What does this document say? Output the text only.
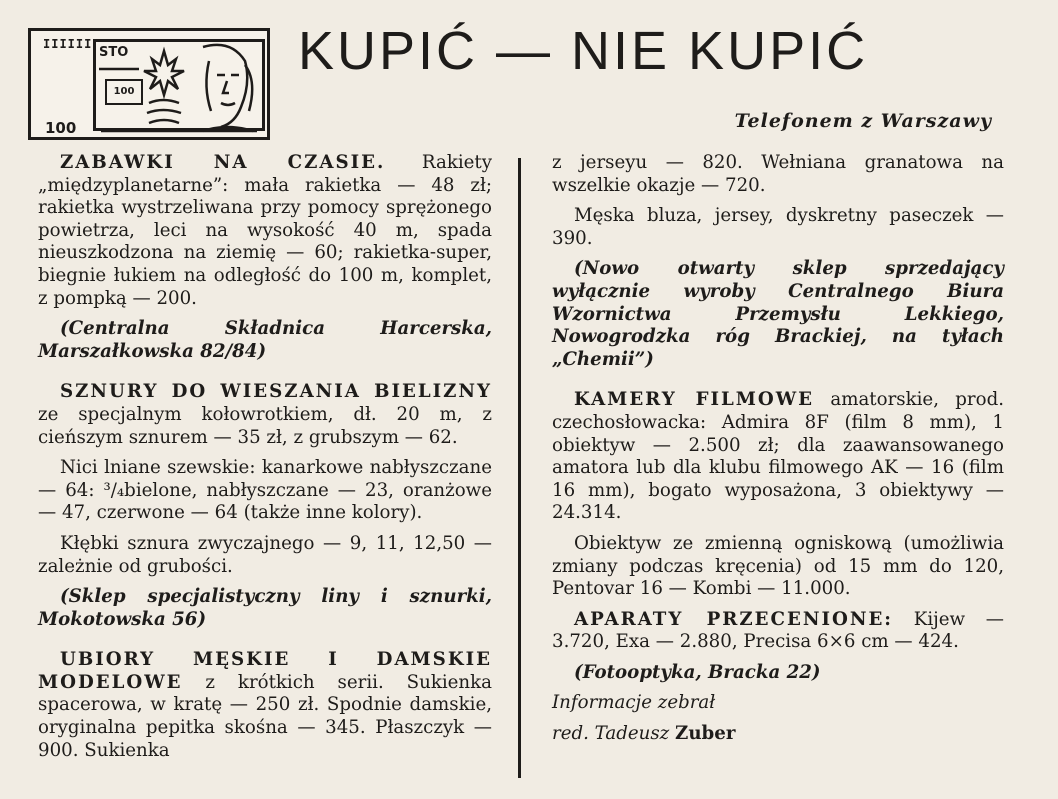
IIIIII
STO
100
100
KUPIĆ — NIE KUPIĆ
Telefonem z Warszawy

ZABAWKI NA CZASIE. Rakiety „międzyplanetarne”: mała rakietka — 48 zł; rakietka wystrzeliwana przy pomocy sprężonego powietrza, leci na wysokość 40 m, spada nieuszkodzona na ziemię — 60; rakietka-super, biegnie łukiem na odległość do 100 m, komplet, z pompką — 200.

(Centralna Składnica Harcerska, Marszałkowska 82/84)

SZNURY DO WIESZANIA BIELIZNY ze specjalnym kołowrotkiem, dł. 20 m, z cieńszym sznurem — 35 zł, z grubszym — 62.

Nici lniane szewskie: kanarkowe nabłyszczane — 64: ³/₄bielone, nabłyszczane — 23, oranżowe — 47, czerwone — 64 (także inne kolory).

Kłębki sznura zwyczajnego — 9, 11, 12,50 — zależnie od grubości.

(Sklep specjalistyczny liny i sznurki, Mokotowska 56)

UBIORY MĘSKIE I DAMSKIE MODELOWE z krótkich serii. Sukienka spacerowa, w kratę — 250 zł. Spodnie damskie, oryginalna pepitka skośna — 345. Płaszczyk — 900. Sukienka

z jerseyu — 820. Wełniana granatowa na wszelkie okazje — 720.

Męska bluza, jersey, dyskretny paseczek — 390.

(Nowo otwarty sklep sprzedający wyłącznie wyroby Centralnego Biura Wzornictwa Przemysłu Lekkiego, Nowogrodzka róg Brackiej, na tyłach „Chemii”)

KAMERY FILMOWE amatorskie, prod. czechosłowacka: Admira 8F (film 8 mm), 1 obiektyw — 2.500 zł; dla zaawansowanego amatora lub dla klubu filmowego AK — 16 (film 16 mm), bogato wyposażona, 3 obiektywy — 24.314.

Obiektyw ze zmienną ogniskową (umożliwia zmiany podczas kręcenia) od 15 mm do 120, Pentovar 16 — Kombi — 11.000.

APARATY PRZECENIONE: Kijew — 3.720, Exa — 2.880, Precisa 6×6 cm — 424.

(Fotooptyka, Bracka 22)

Informacje zebrał

red. Tadeusz Zuber
